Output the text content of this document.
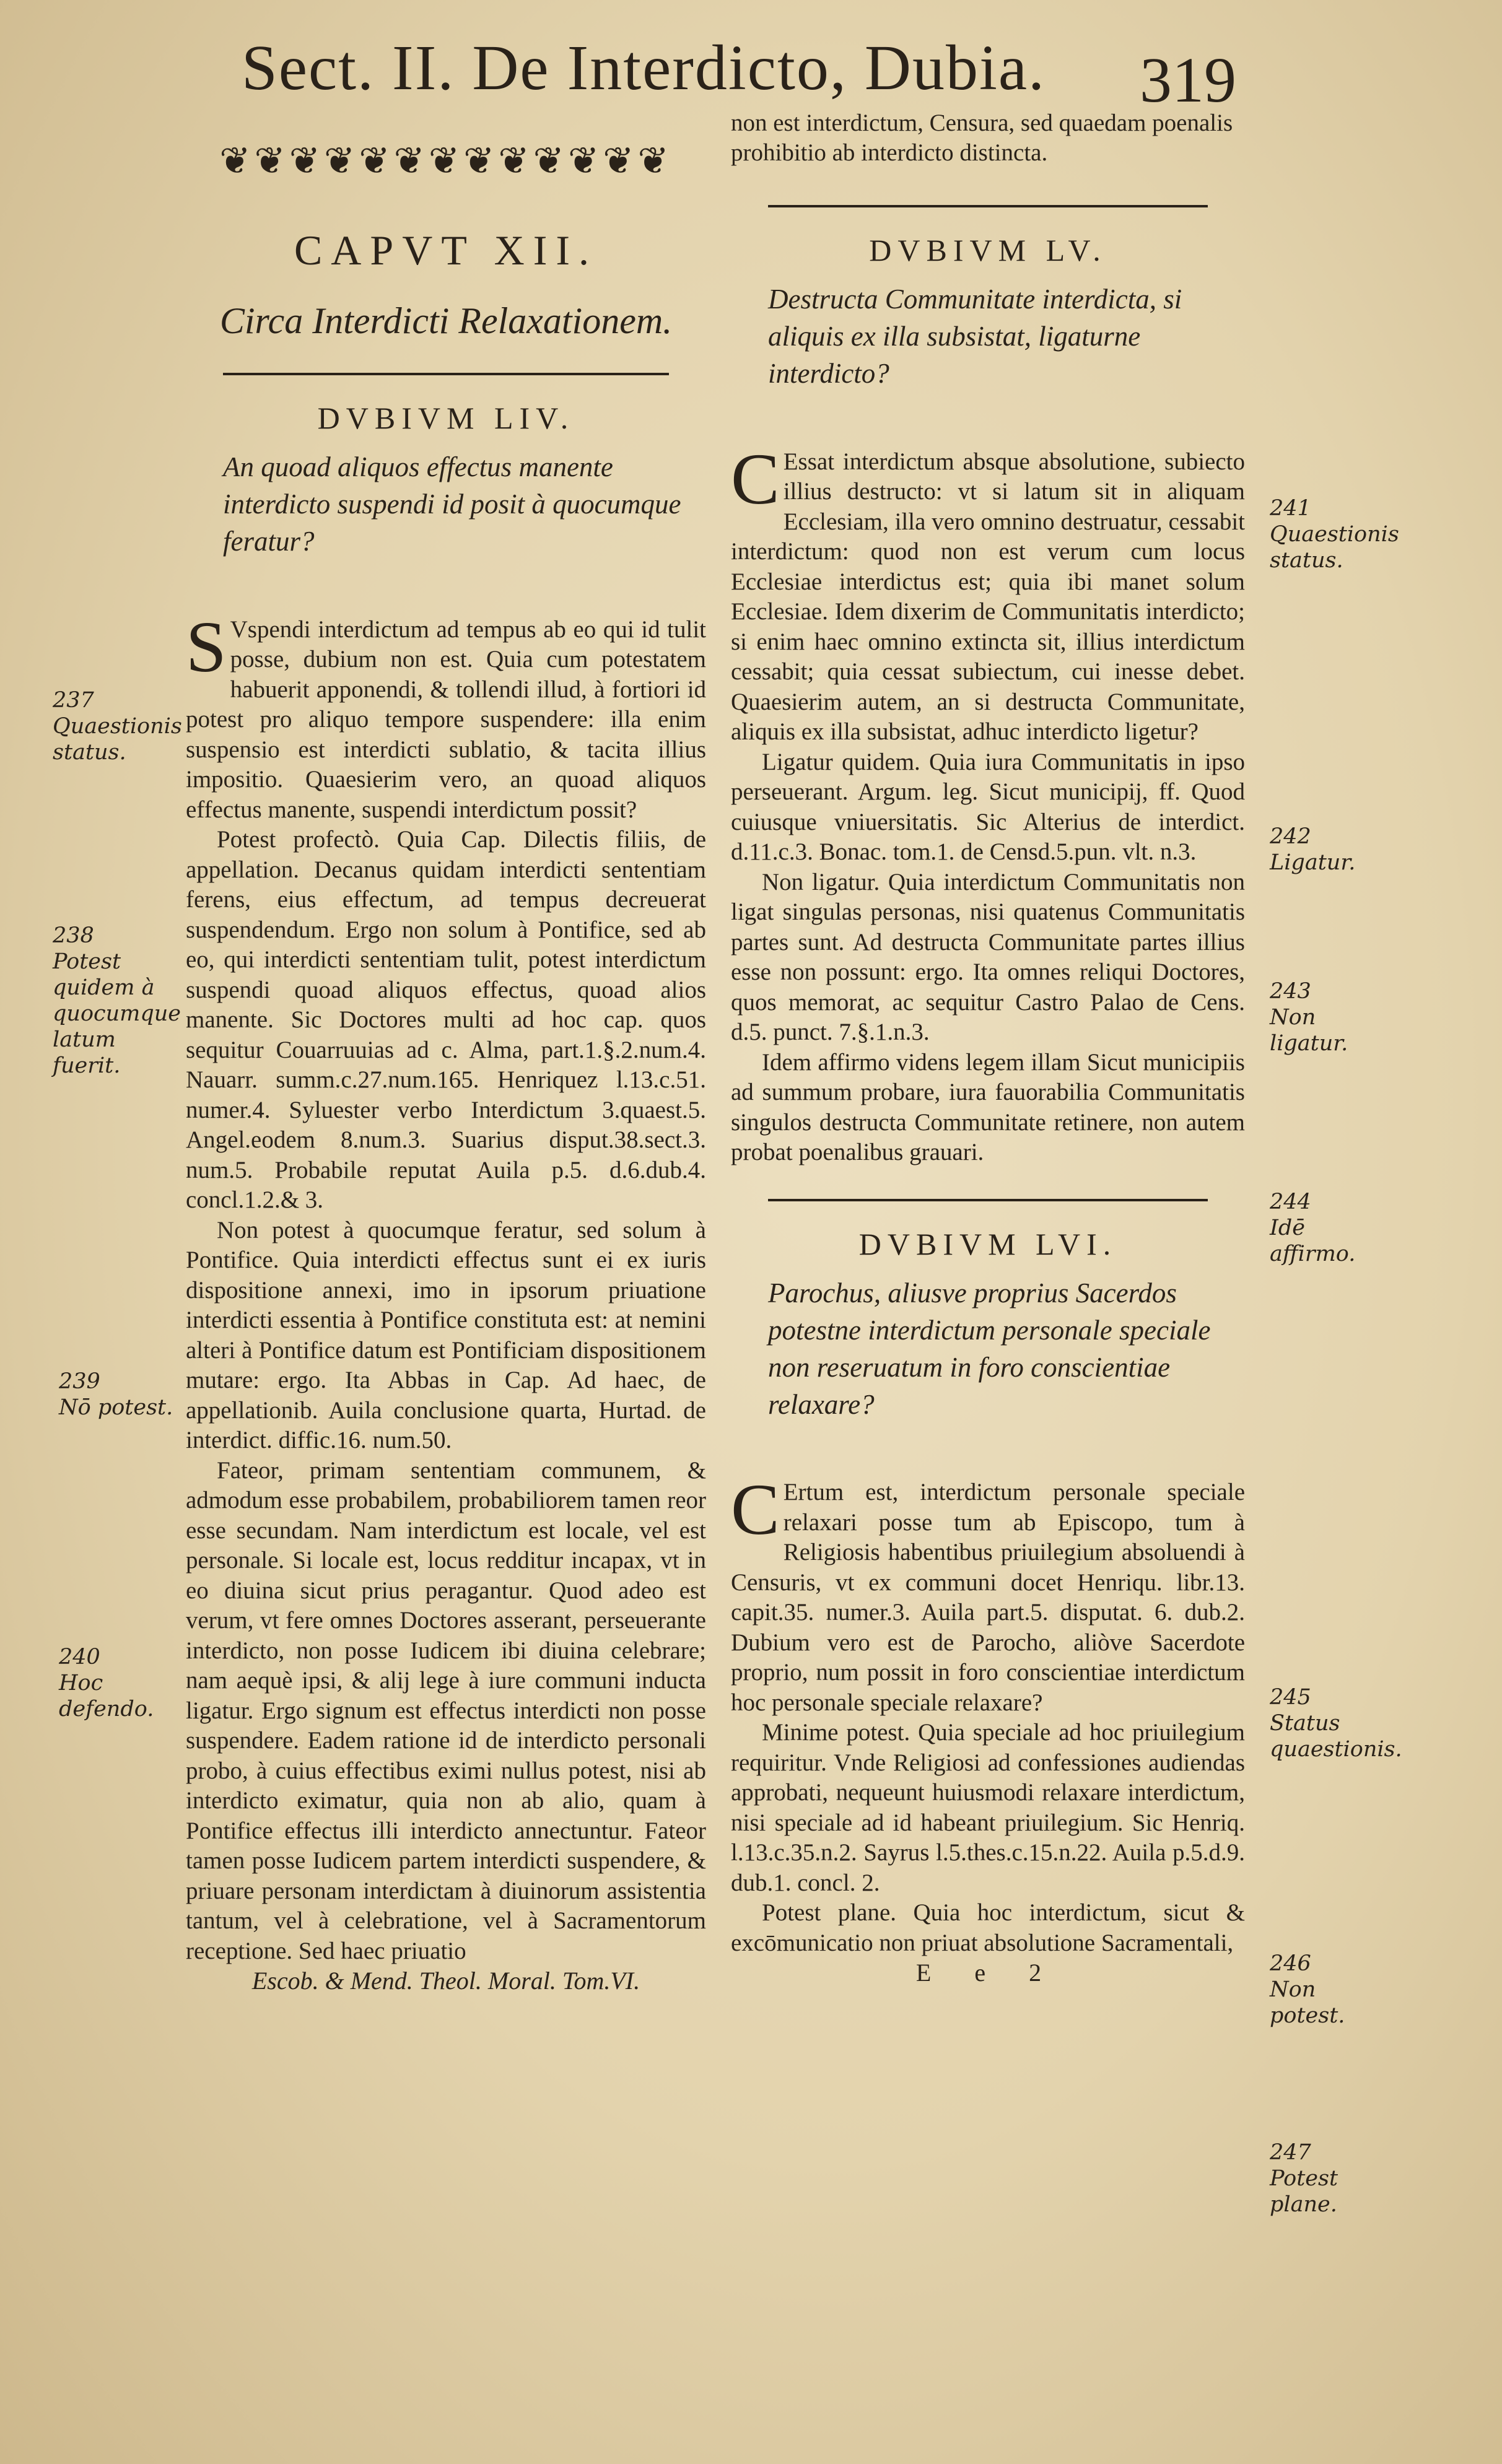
Sect. II. De Interdicto, Dubia. 319
❦❦❦❦❦❦❦❦❦❦❦❦❦
CAPVT XII.
Circa Interdicti Relaxationem.
DVBIVM LIV.
An quoad aliquos effectus manente interdicto suspendi id posit à quocumque feratur?

S Vspendi interdictum ad tempus ab eo qui id tulit posse, dubium non est. Quia cum potestatem habuerit apponendi, & tollendi illud, à fortiori id potest pro aliquo tempore suspendere: illa enim suspensio est interdicti sublatio, & tacita illius impositio. Quaesierim vero, an quoad aliquos effectus manente, suspendi interdictum possit?

Potest profectò. Quia Cap. Dilectis filiis, de appellation. Decanus quidam interdicti sententiam ferens, eius effectum, ad tempus decreuerat suspendendum. Ergo non solum à Pontifice, sed ab eo, qui interdicti sententiam tulit, potest interdictum suspendi quoad aliquos effectus, quoad alios manente. Sic Doctores multi ad hoc cap. quos sequitur Couarruuias ad c. Alma, part.1.§.2.num.4. Nauarr. summ.c.27.num.165. Henriquez l.13.c.51. numer.4. Syluester verbo Interdictum 3.quaest.5. Angel.eodem 8.num.3. Suarius disput.38.sect.3. num.5. Probabile reputat Auila p.5. d.6.dub.4. concl.1.2.& 3.
Non potest à quocumque feratur, sed solum à Pontifice. Quia interdicti effectus sunt ei ex iuris dispositione annexi, imo in ipsorum priuatione interdicti essentia à Pontifice constituta est: at nemini alteri à Pontifice datum est Pontificiam dispositionem mutare: ergo. Ita Abbas in Cap. Ad haec, de appellationib. Auila conclusione quarta, Hurtad. de interdict. diffic.16. num.50.
Fateor, primam sententiam communem, & admodum esse probabilem, probabiliorem tamen reor esse secundam. Nam interdictum est locale, vel est personale. Si locale est, locus redditur incapax, vt in eo diuina sicut prius peragantur. Quod adeo est verum, vt fere omnes Doctores asserant, perseuerante interdicto, non posse Iudicem ibi diuina celebrare; nam aequè ipsi, & alij lege à iure communi inducta ligatur. Ergo signum est effectus interdicti non posse suspendere. Eadem ratione id de interdicto personali probo, à cuius effectibus eximi nullus potest, nisi ab interdicto eximatur, quia non ab alio, quam à Pontifice effectus illi interdicto annectuntur. Fateor tamen posse Iudicem partem interdicti suspendere, & priuare personam interdictam à diuinorum assistentia tantum, vel à celebratione, vel à Sacramentorum receptione. Sed haec priuatio
Escob. & Mend. Theol. Moral. Tom.VI.
237
Quaestionis
status.
238
Potest quidem à quocumque latum fuerit.
239
Nō potest.
240
Hoc defendo.
non est interdictum, Censura, sed quaedam poenalis prohibitio ab interdicto distincta.
DVBIVM LV.
Destructa Communitate interdicta, si aliquis ex illa subsistat, ligaturne interdicto?

C Essat interdictum absque absolutione, subiecto illius destructo: vt si latum sit in aliquam Ecclesiam, illa vero omnino destruatur, cessabit interdictum: quod non est verum cum locus Ecclesiae interdictus est; quia ibi manet solum Ecclesiae. Idem dixerim de Communitatis interdicto; si enim haec omnino extincta sit, illius interdictum cessabit; quia cessat subiectum, cui inesse debet. Quaesierim autem, an si destructa Communitate, aliquis ex illa subsistat, adhuc interdicto ligetur?

Ligatur quidem. Quia iura Communitatis in ipso perseuerant. Argum. leg. Sicut municipij, ff. Quod cuiusque vniuersitatis. Sic Alterius de interdict. d.11.c.3. Bonac. tom.1. de Censd.5.pun. vlt. n.3.
Non ligatur. Quia interdictum Communitatis non ligat singulas personas, nisi quatenus Communitatis partes sunt. Ad destructa Communitate partes illius esse non possunt: ergo. Ita omnes reliqui Doctores, quos memorat, ac sequitur Castro Palao de Cens. d.5. punct. 7.§.1.n.3.
Idem affirmo videns legem illam Sicut municipiis ad summum probare, iura fauorabilia Communitatis singulos destructa Communitate retinere, non autem probat poenalibus grauari.
DVBIVM LVI.
Parochus, aliusve proprius Sacerdos potestne interdictum personale speciale non reseruatum in foro conscientiae relaxare?

C Ertum est, interdictum personale speciale relaxari posse tum ab Episcopo, tum à Religiosis habentibus priuilegium absoluendi à Censuris, vt ex communi docet Henriqu. libr.13. capit.35. numer.3. Auila part.5. disputat. 6. dub.2. Dubium vero est de Parocho, aliòve Sacerdote proprio, num possit in foro conscientiae interdictum hoc personale speciale relaxare?

Minime potest. Quia speciale ad hoc priuilegium requiritur. Vnde Religiosi ad confessiones audiendas approbati, nequeunt huiusmodi relaxare interdictum, nisi speciale ad id habeant priuilegium. Sic Henriq. l.13.c.35.n.2. Sayrus l.5.thes.c.15.n.22. Auila p.5.d.9. dub.1. concl. 2.
Potest plane. Quia hoc interdictum, sicut & excōmunicatio non priuat absolutione Sacramentali,
E e 2
241
Quaestionis
status.
242
Ligatur.
243
Non ligatur.
244
Idē affirmo.
245
Status quaestionis.
246
Non potest.
247
Potest plane.
